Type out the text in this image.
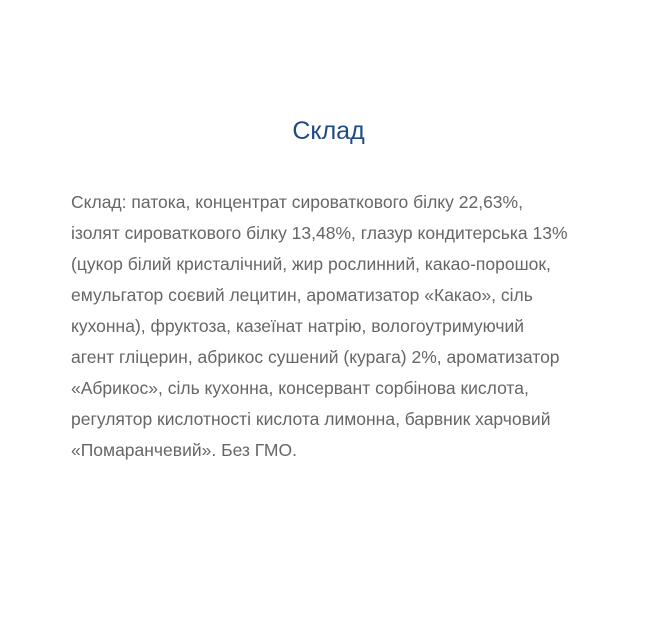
Склад

Склад: патока, концентрат сироваткового білку 22,63%, ізолят сироваткового білку 13,48%, глазур кондитерська 13% (цукор білий кристалічний, жир рослинний, какао-порошок, емульгатор соєвий лецитин, ароматизатор «Какао», сіль кухонна), фруктоза, казеїнат натрію, вологоутримуючий агент гліцерин, абрикос сушений (курага) 2%, ароматизатор «Абрикос», сіль кухонна, консервант сорбінова кислота, регулятор кислотності кислота лимонна, барвник харчовий «Помаранчевий». Без ГМО.
